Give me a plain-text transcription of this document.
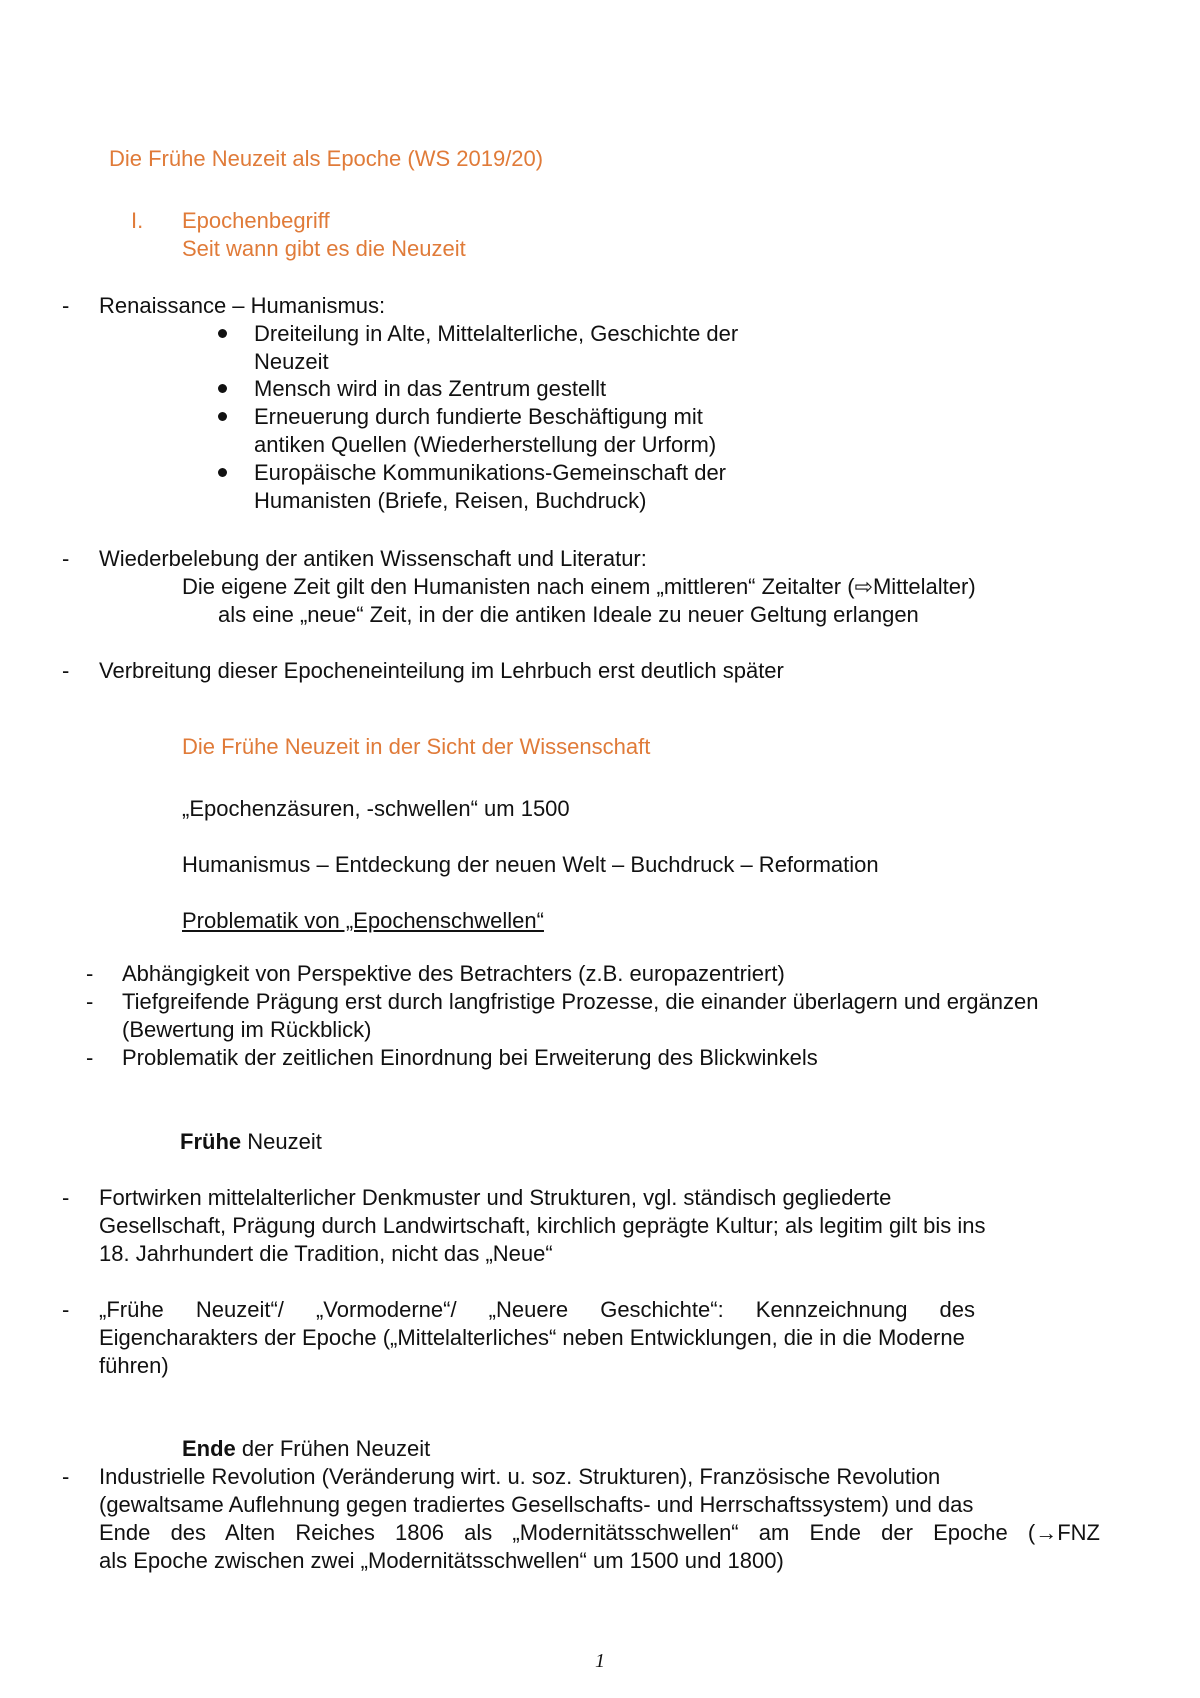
Die Frühe Neuzeit als Epoche (WS 2019/20)
I. Epochenbegriff
Seit wann gibt es die Neuzeit
- Renaissance – Humanismus:
Dreiteilung in Alte, Mittelalterliche, Geschichte der
Neuzeit
Mensch wird in das Zentrum gestellt
Erneuerung durch fundierte Beschäftigung mit
antiken Quellen (Wiederherstellung der Urform)
Europäische Kommunikations-Gemeinschaft der
Humanisten (Briefe, Reisen, Buchdruck)
- Wiederbelebung der antiken Wissenschaft und Literatur:
Die eigene Zeit gilt den Humanisten nach einem „mittleren“ Zeitalter (⇨Mittelalter)
als eine „neue“ Zeit, in der die antiken Ideale zu neuer Geltung erlangen
- Verbreitung dieser Epocheneinteilung im Lehrbuch erst deutlich später
Die Frühe Neuzeit in der Sicht der Wissenschaft
„Epochenzäsuren, -schwellen“ um 1500
Humanismus – Entdeckung der neuen Welt – Buchdruck – Reformation
Problematik von „Epochenschwellen“
- Abhängigkeit von Perspektive des Betrachters (z.B. europazentriert)
- Tiefgreifende Prägung erst durch langfristige Prozesse, die einander überlagern und ergänzen
(Bewertung im Rückblick)
- Problematik der zeitlichen Einordnung bei Erweiterung des Blickwinkels
Frühe Neuzeit
- Fortwirken mittelalterlicher Denkmuster und Strukturen, vgl. ständisch gegliederte
Gesellschaft, Prägung durch Landwirtschaft, kirchlich geprägte Kultur; als legitim gilt bis ins
18. Jahrhundert die Tradition, nicht das „Neue“
- „Frühe Neuzeit“/ „Vormoderne“/ „Neuere Geschichte“: Kennzeichnung des
Eigencharakters der Epoche („Mittelalterliches“ neben Entwicklungen, die in die Moderne
führen)
Ende der Frühen Neuzeit
- Industrielle Revolution (Veränderung wirt. u. soz. Strukturen), Französische Revolution
(gewaltsame Auflehnung gegen tradiertes Gesellschafts- und Herrschaftssystem) und das
Ende des Alten Reiches 1806 als „Modernitätsschwellen“ am Ende der Epoche (→FNZ
als Epoche zwischen zwei „Modernitätsschwellen“ um 1500 und 1800)
1
